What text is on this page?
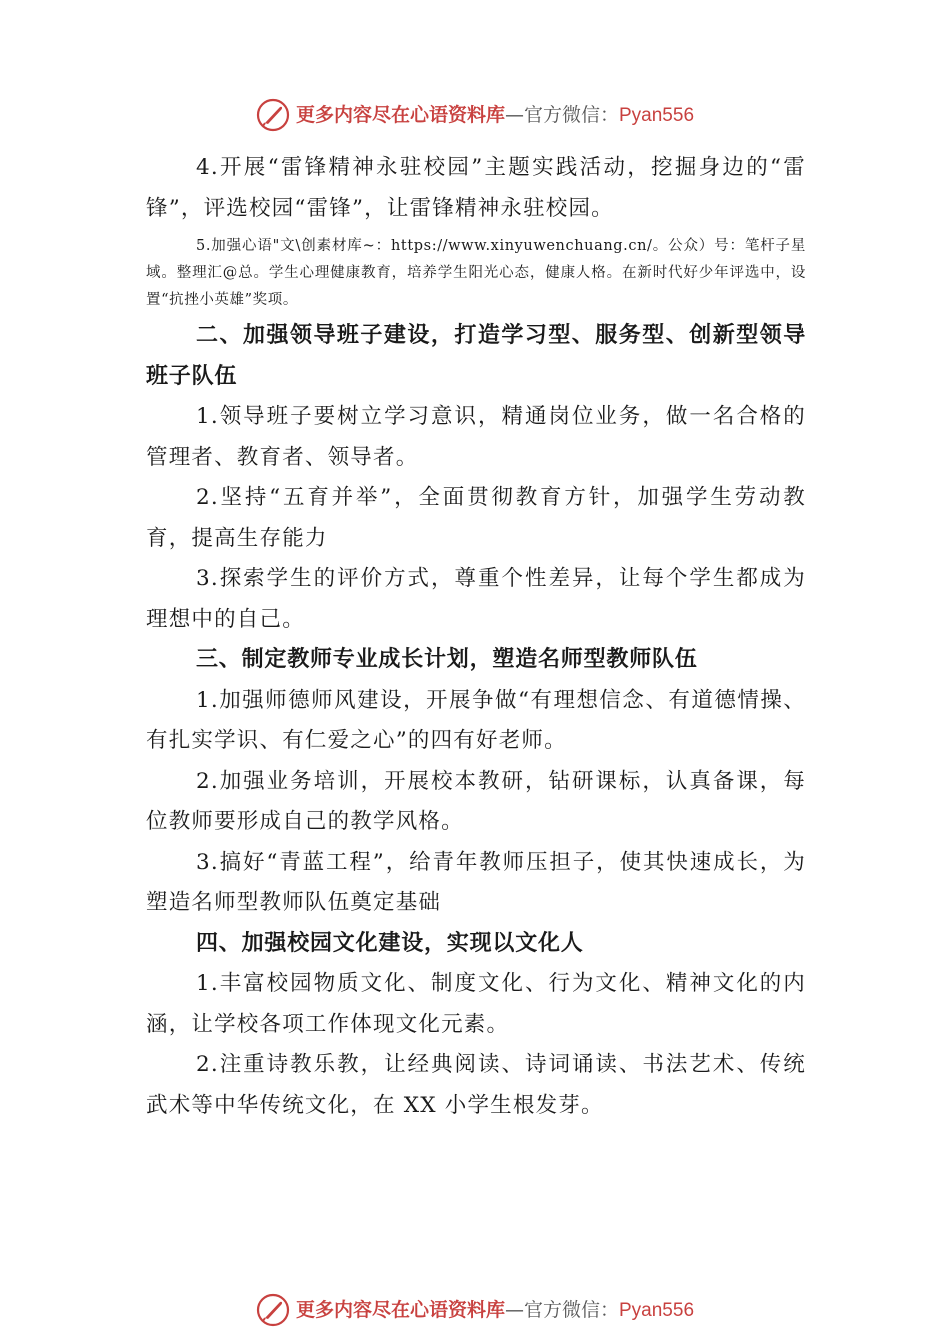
更多内容尽在心语资料库 —官方微信： Pyan556

4.开展“雷锋精神永驻校园”主题实践活动，挖掘身边的“雷锋”，评选校园“雷锋”，让雷锋精神永驻校园。

5.加强心语"文\创素材库~：https://www.xinyuwenchuang.cn/。公众）号：笔杆子星域。整理汇@总。学生心理健康教育，培养学生阳光心态，健康人格。在新时代好少年评选中，设置“抗挫小英雄”奖项。

二、加强领导班子建设，打造学习型、服务型、创新型领导班子队伍

1.领导班子要树立学习意识，精通岗位业务，做一名合格的管理者、教育者、领导者。

2.坚持“五育并举”，全面贯彻教育方针，加强学生劳动教育，提高生存能力

3.探索学生的评价方式，尊重个性差异，让每个学生都成为理想中的自己。

三、制定教师专业成长计划，塑造名师型教师队伍

1.加强师德师风建设，开展争做“有理想信念、有道德情操、有扎实学识、有仁爱之心”的四有好老师。

2.加强业务培训，开展校本教研，钻研课标，认真备课，每位教师要形成自己的教学风格。

3.搞好“青蓝工程”，给青年教师压担子，使其快速成长，为塑造名师型教师队伍奠定基础

四、加强校园文化建设，实现以文化人

1.丰富校园物质文化、制度文化、行为文化、精神文化的内涵，让学校各项工作体现文化元素。

2.注重诗教乐教，让经典阅读、诗词诵读、书法艺术、传统武术等中华传统文化，在 XX 小学生根发芽。

更多内容尽在心语资料库 —官方微信： Pyan556
